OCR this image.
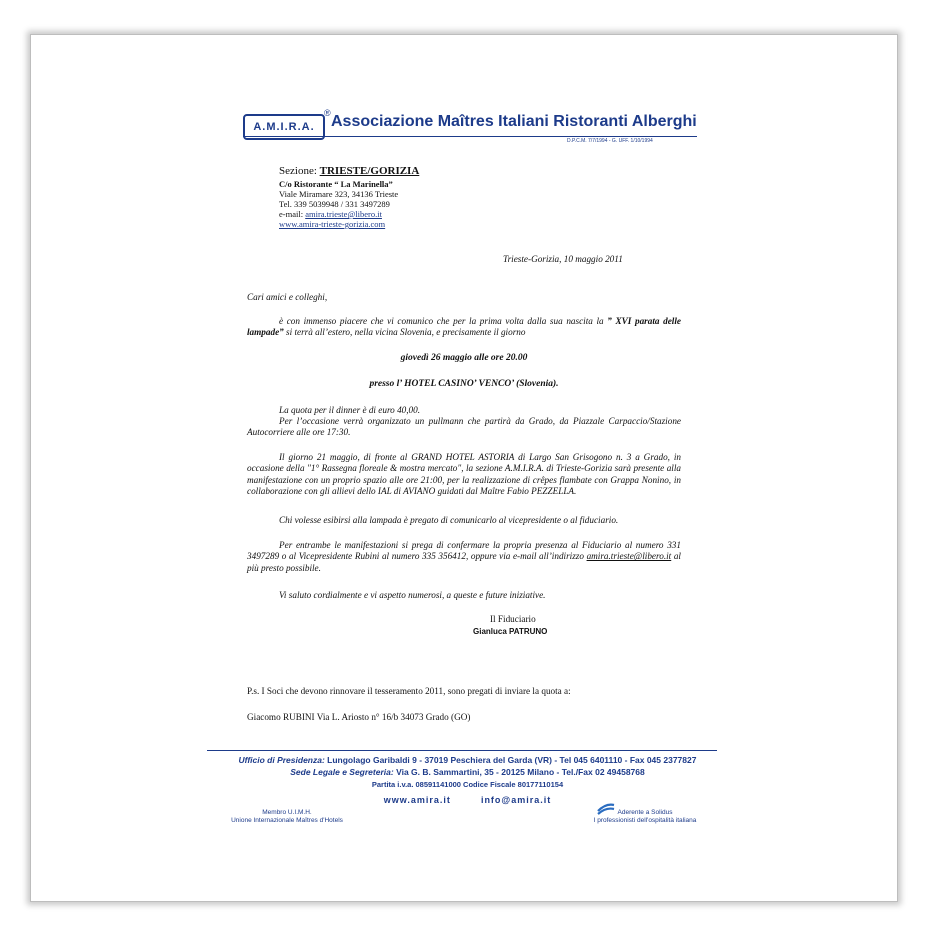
A.M.I.R.A.
® Associazione Maîtres Italiani Ristoranti Alberghi
D.P.C.M. 7/7/1994 - G. UFF. 1/10/1994
Sezione: TRIESTE/GORIZIA
C/o Ristorante “ La Marinella”
Viale Miramare 323, 34136 Trieste
Tel. 339 5039948 / 331 3497289
e-mail: amira.trieste@libero.it
www.amira-trieste-gorizia.com
Trieste-Gorizia, 10 maggio 2011
Cari amici e colleghi,
è con immenso piacere che vi comunico che per la prima volta dalla sua nascita la ” XVI parata delle lampade” si terrà all’estero, nella vicina Slovenia, e precisamente il giorno
giovedì 26 maggio alle ore 20.00
presso l’ HOTEL CASINO’ VENCO’ (Slovenia).
La quota per il dinner è di euro 40,00.
Per l’occasione verrà organizzato un pullmann che partirà da Grado, da Piazzale Carpaccio/Stazione Autocorriere alle ore 17:30.
Il giorno 21 maggio, di fronte al GRAND HOTEL ASTORIA di Largo San Grisogono n. 3 a Grado, in occasione della "1° Rassegna floreale & mostra mercato", la sezione A.M.I.R.A. di Trieste-Gorizia sarà presente alla manifestazione con un proprio spazio alle ore 21:00, per la realizzazione di crêpes flambate con Grappa Nonino, in collaborazione con gli allievi dello IAL di AVIANO guidati dal Maître Fabio PEZZELLA.
Chi volesse esibirsi alla lampada è pregato di comunicarlo al vicepresidente o al fiduciario.
Per entrambe le manifestazioni si prega di confermare la propria presenza al Fiduciario al numero 331 3497289 o al Vicepresidente Rubini al numero 335 356412, oppure via e-mail all’indirizzo amira.trieste@libero.it al più presto possibile.
Vi saluto cordialmente e vi aspetto numerosi, a queste e future iniziative.
Il Fiduciario
Gianluca PATRUNO
P.s. I Soci che devono rinnovare il tesseramento 2011, sono pregati di inviare la quota a:
Giacomo RUBINI Via L. Ariosto n° 16/b 34073 Grado (GO)
Ufficio di Presidenza: Lungolago Garibaldi 9 - 37019 Peschiera del Garda (VR) - Tel 045 6401110 - Fax 045 2377827
Sede Legale e Segreteria: Via G. B. Sammartini, 35 - 20125 Milano - Tel./Fax 02 49458768
Partita i.v.a. 08591141000 Codice Fiscale 80177110154
www.amira.it	info@amira.it
Membro U.I.M.H.
Unione Internazionale Maîtres d'Hotels
Aderente a Solidus
I professionisti dell'ospitalità italiana
